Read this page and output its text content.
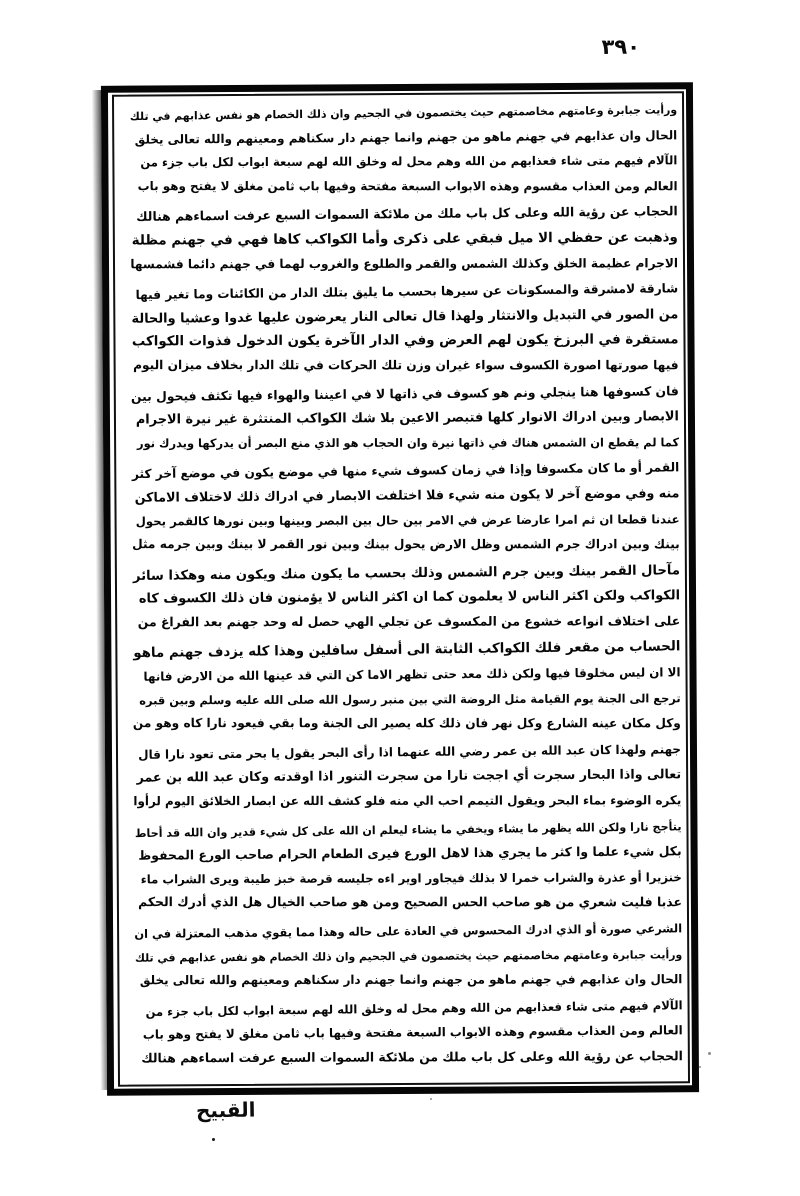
٣٩٠
ورأيت جبابرة وعامتهم مخاصمتهم حيث يختصمون في الجحيم وان ذلك الخصام هو نفس عذابهم في تلك
الحال وان عذابهم في جهنم ماهو من جهنم وانما جهنم دار سكناهم ومعينهم والله تعالى يخلق
الآلام فيهم متى شاء فعذابهم من الله وهم محل له وخلق الله لهم سبعة ابواب لكل باب جزء من
العالم ومن العذاب مقسوم وهذه الابواب السبعة مفتحة وفيها باب ثامن مغلق لا يفتح وهو باب
الحجاب عن رؤية الله وعلى كل باب ملك من ملائكة السموات السبع عرفت اسماءهم هنالك
وذهبت عن حفظي الا ميل فبقي على ذكرى وأما الكواكب كاها فهي في جهنم مظلة
الاجرام عظيمة الخلق وكذلك الشمس والقمر والطلوع والغروب لهما في جهنم دائما فشمسها
شارقة لامشرقة والمسكونات عن سيرها بحسب ما يليق بتلك الدار من الكائنات وما تغير فيها
من الصور في التبديل والانتثار ولهذا قال تعالى النار يعرضون عليها غدوا وعشيا والحالة
مستقرة في البرزخ يكون لهم العرض وفي الدار الآخرة يكون الدخول فذوات الكواكب
فيها صورتها اصورة الكسوف سواء غيران وزن تلك الحركات في تلك الدار بخلاف ميزان اليوم
فان كسوفها هنا ينجلي ونم هو كسوف في ذاتها لا في اعيننا والهواء فيها تكثف فيحول بين
الابصار وبين ادراك الانوار كلها فتبصر الاعين بلا شك الكواكب المنتثرة غير نيرة الاجرام
كما لم يقطع ان الشمس هناك في ذاتها نيرة وان الحجاب هو الذي منع البصر أن يدركها ويدرك نور
القمر أو ما كان مكسوفا وإذا في زمان كسوف شيء منها في موضع يكون في موضع آخر كثر
منه وفي موضع آخر لا يكون منه شيء فلا اختلفت الابصار في ادراك ذلك لاختلاف الاماكن
عندنا قطعا ان ثم امرا عارضا عرض في الامر بين حال بين البصر وبينها وبين نورها كالقمر يحول
بينك وبين ادراك جرم الشمس وظل الارض يحول بينك وبين نور القمر لا بينك وبين جرمه مثل
مآحال القمر بينك وبين جرم الشمس وذلك بحسب ما يكون منك ويكون منه وهكذا سائر
الكواكب ولكن اكثر الناس لا يعلمون كما ان اكثر الناس لا يؤمنون فان ذلك الكسوف كاه
على اختلاف انواعه خشوع من المكسوف عن تجلي الهي حصل له وحد جهنم بعد الفراغ من
الحساب من مقعر فلك الكواكب الثابتة الى أسفل سافلين وهذا كله يزدف جهنم ماهو
الا ان ليس مخلوقا فيها ولكن ذلك معد حتى تظهر الاما كن التي قد عينها الله من الارض فانها
ترجع الى الجنة يوم القيامة مثل الروضة التي بين منبر رسول الله صلى الله عليه وسلم وبين قبره
وكل مكان عينه الشارع وكل نهر فان ذلك كله يصير الى الجنة وما بقي فيعود نارا كاه وهو من
جهنم ولهذا كان عبد الله بن عمر رضي الله عنهما اذا رأى البحر يقول يا بحر متى تعود نارا قال
تعالى واذا البحار سجرت أي اججت نارا من سجرت التنور اذا اوقدته وكان عبد الله بن عمر
يكره الوضوء بماء البحر ويقول التيمم احب الي منه فلو كشف الله عن ابصار الخلائق اليوم لرأوا
يتأجج نارا ولكن الله يظهر ما يشاء ويخفي ما يشاء ليعلم ان الله على كل شيء قدير وان الله قد أحاط
بكل شيء علما وا كثر ما يجري هذا لاهل الورع فيرى الطعام الحرام صاحب الورع المحفوظ
خنزيرا أو عذرة والشراب خمرا لا بذلك فيجاور اوير اءه جليسه قرصة خبز طيبة ويرى الشراب ماء
عذبا فليت شعري من هو صاحب الحس الصحيح ومن هو صاحب الخيال هل الذي أدرك الحكم
الشرعي صورة أو الذي ادرك المحسوس في العادة على حاله وهذا مما يقوي مذهب المعتزلة في ان
ورأيت جبابرة وعامتهم مخاصمتهم حيث يختصمون في الجحيم وان ذلك الخصام هو نفس عذابهم في تلك
الحال وان عذابهم في جهنم ماهو من جهنم وانما جهنم دار سكناهم ومعينهم والله تعالى يخلق
الآلام فيهم متى شاء فعذابهم من الله وهم محل له وخلق الله لهم سبعة ابواب لكل باب جزء من
العالم ومن العذاب مقسوم وهذه الابواب السبعة مفتحة وفيها باب ثامن مغلق لا يفتح وهو باب
الحجاب عن رؤية الله وعلى كل باب ملك من ملائكة السموات السبع عرفت اسماءهم هنالك
القبيح
